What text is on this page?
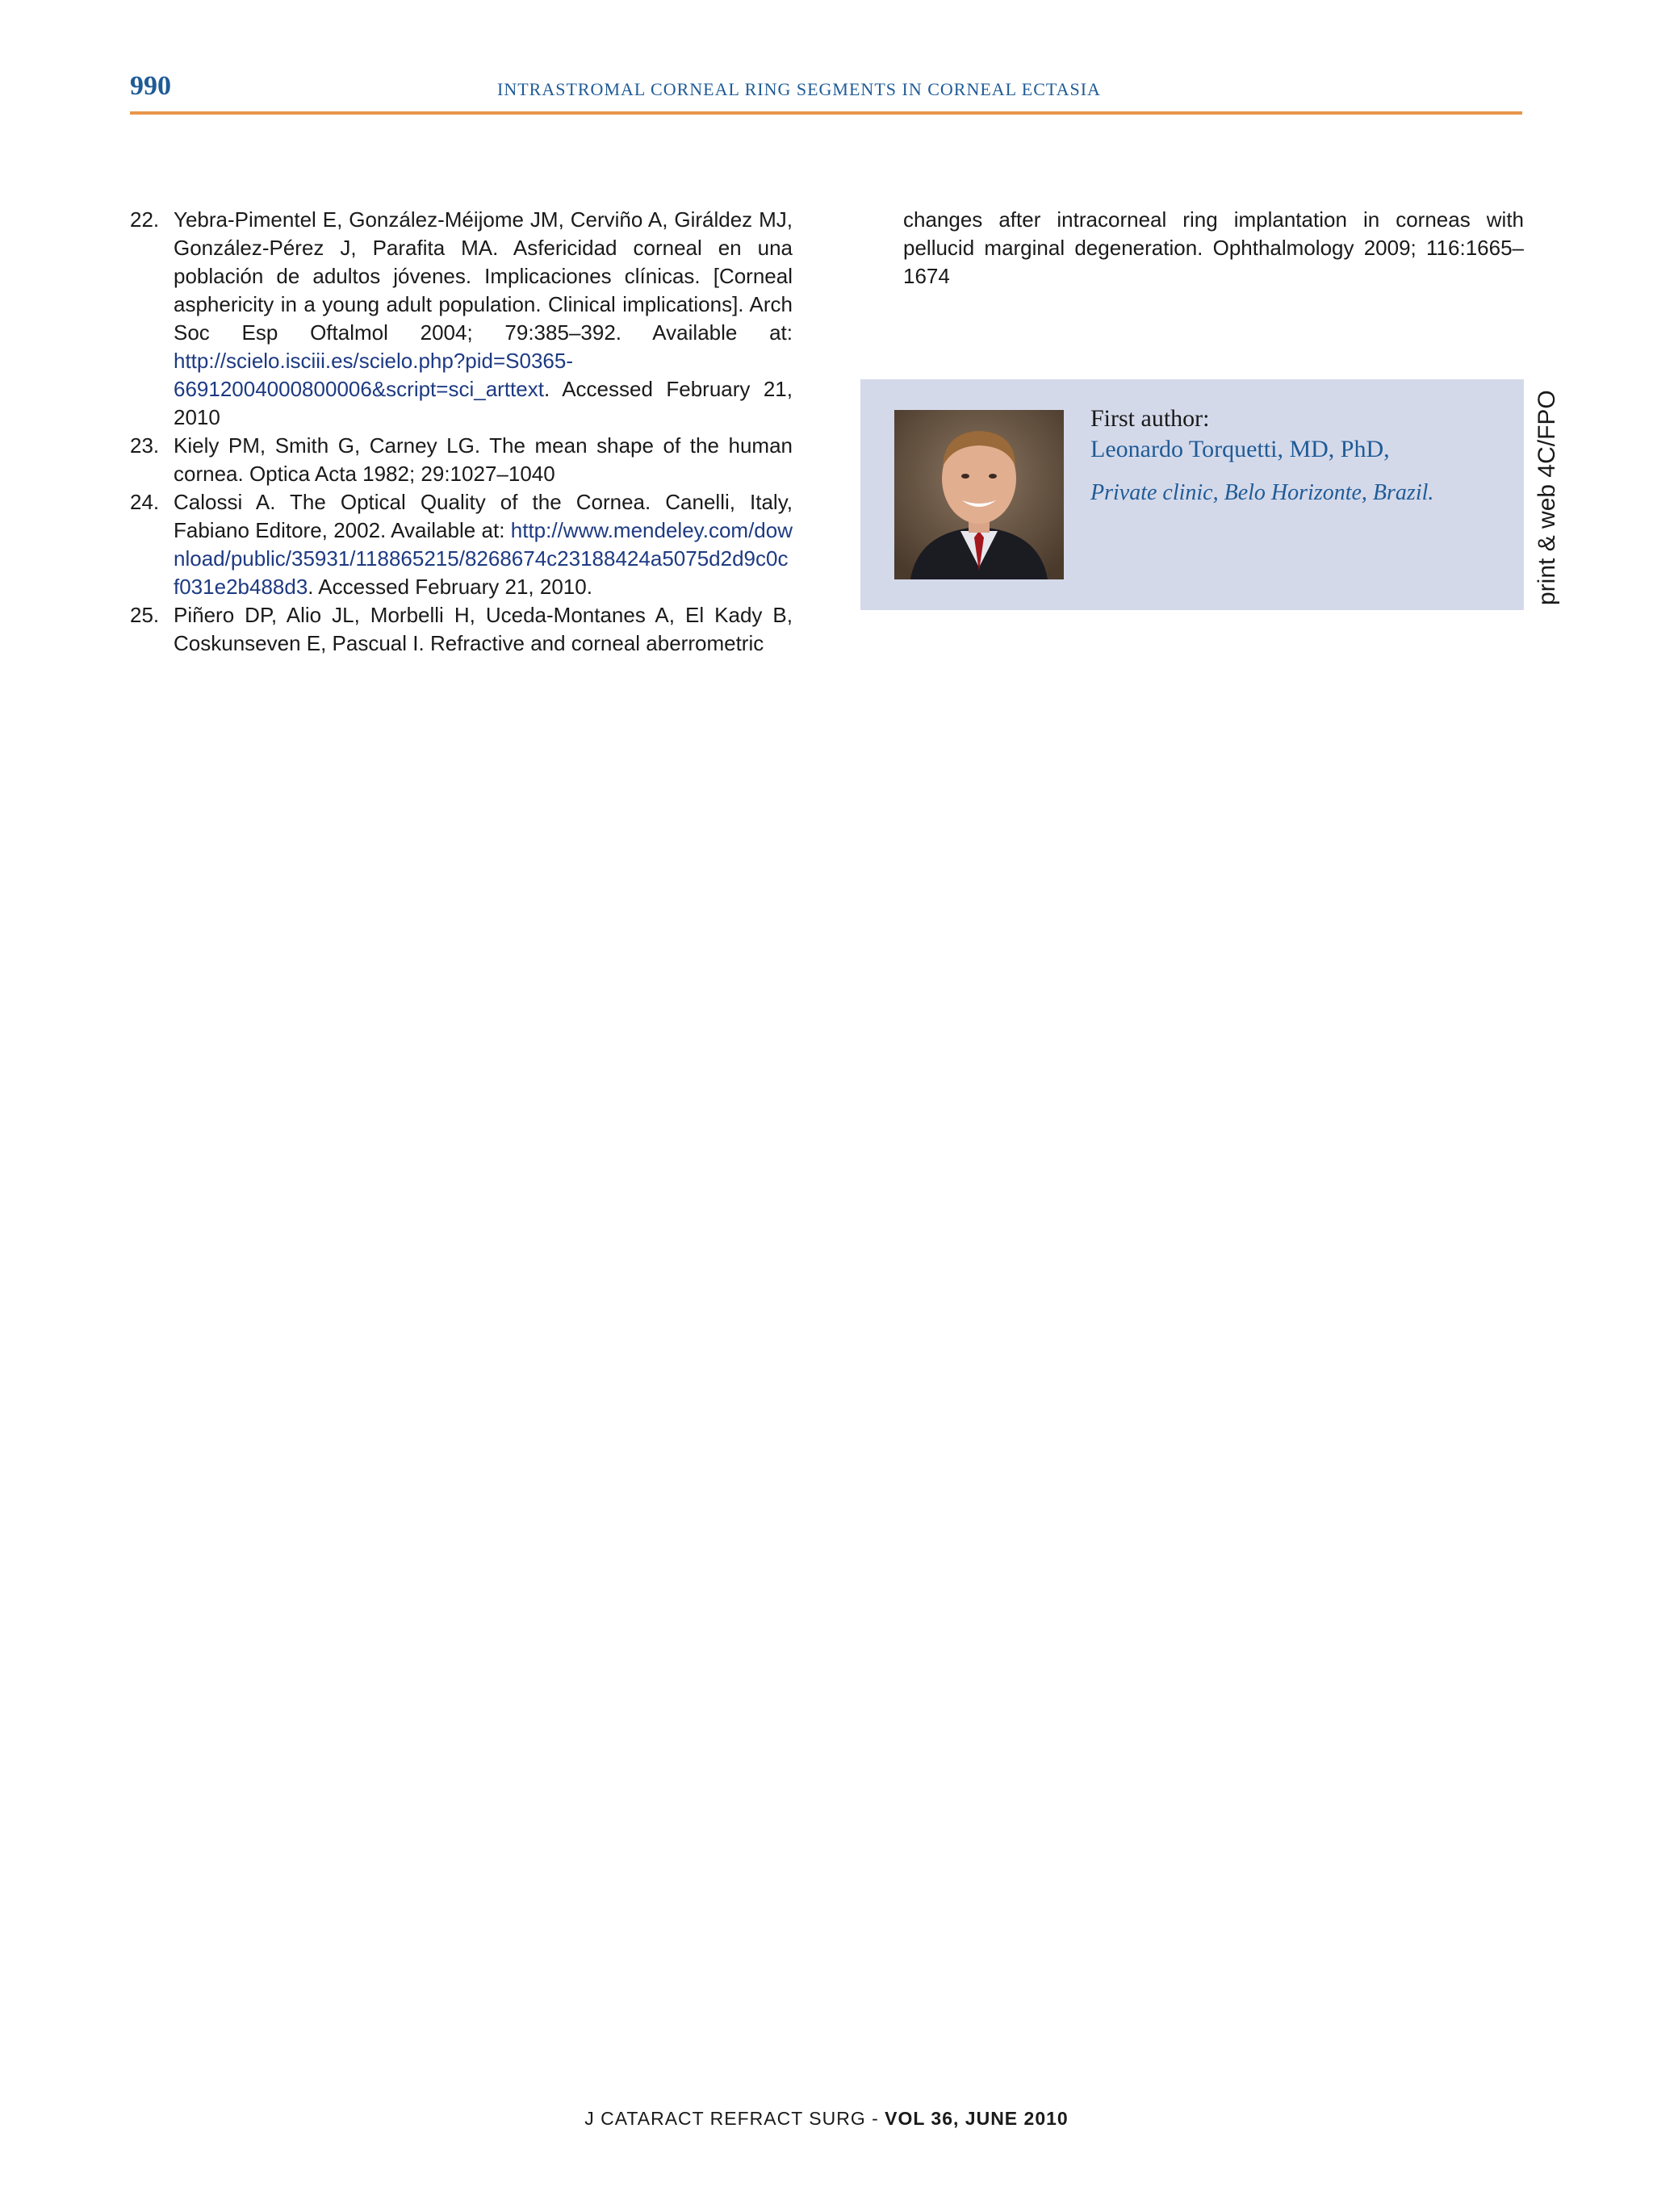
990	INTRASTROMAL CORNEAL RING SEGMENTS IN CORNEAL ECTASIA
22. Yebra-Pimentel E, González-Méijome JM, Cerviño A, Giráldez MJ, González-Pérez J, Parafita MA. Asfericidad corneal en una población de adultos jóvenes. Implicaciones clínicas. [Corneal asphericity in a young adult population. Clinical implications]. Arch Soc Esp Oftalmol 2004; 79:385–392. Available at: http://scielo.isciii.es/scielo.php?pid=S0365-66912004000800006&script=sci_arttext. Accessed February 21, 2010
23. Kiely PM, Smith G, Carney LG. The mean shape of the human cornea. Optica Acta 1982; 29:1027–1040
24. Calossi A. The Optical Quality of the Cornea. Canelli, Italy, Fabiano Editore, 2002. Available at: http://www.mendeley.com/download/public/35931/118865215/8268674c23188424a5075d2d9c0cf031e2b488d3. Accessed February 21, 2010.
25. Piñero DP, Alio JL, Morbelli H, Uceda-Montanes A, El Kady B, Coskunseven E, Pascual I. Refractive and corneal aberrometric
changes after intracorneal ring implantation in corneas with pellucid marginal degeneration. Ophthalmology 2009; 116:1665–1674
First author:
Leonardo Torquetti, MD, PhD,
Private clinic, Belo Horizonte, Brazil.	print & web 4C/FPO
J CATARACT REFRACT SURG - VOL 36, JUNE 2010
